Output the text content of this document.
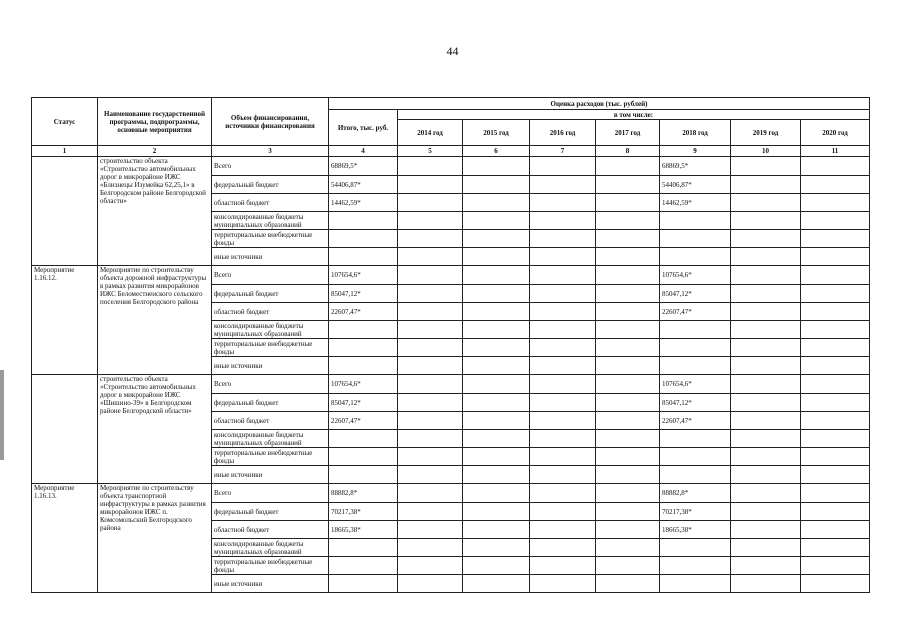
44
Статус	Наименование государственной программы, подпрограммы, основные мероприятия	Объем финансирования, источники финансирования	Оценка расходов (тыс. рублей)							
			Итого, тыс. руб.	в том числе:						
				2014 год	2015 год	2016 год	2017 год	2018 год	2019 год	2020 год
1	2	3	4	5	6	7	8	9	10	11
	строительство объекта «Строительство автомобильных дорог в микрорайоне ИЖС «Близнецы Изумейка 62,25,1» в Белгородском районе Белгородской области»	Всего	68869,5*					68869,5*		
		федеральный бюджет	54406,87*					54406,87*		
		областной бюджет	14462,59*					14462,59*		
		консолидированные бюджеты муниципальных образований								
		территориальные внебюджетные фонды								
		иные источники								
Мероприятие 1.16.12.	Мероприятие по строительству объекта дорожной инфраструктуры в рамках развития микрорайонов ИЖС Беломестненского сельского поселения Белгородского района	Всего	107654,6*					107654,6*		
		федеральный бюджет	85047,12*					85047,12*		
		областной бюджет	22607,47*					22607,47*		
		консолидированные бюджеты муниципальных образований								
		территориальные внебюджетные фонды								
		иные источники								
	строительство объекта «Строительство автомобильных дорог в микрорайоне ИЖС «Шишино-39» в Белгородском районе Белгородской области»	Всего	107654,6*					107654,6*		
		федеральный бюджет	85047,12*					85047,12*		
		областной бюджет	22607,47*					22607,47*		
		консолидированные бюджеты муниципальных образований								
		территориальные внебюджетные фонды								
		иные источники								
Мероприятие 1.16.13.	Мероприятие по строительству объекта транспортной инфраструктуры в рамках развития микрорайонов ИЖС п. Комсомольский Белгородского района	Всего	88882,8*					88882,8*		
		федеральный бюджет	70217,38*					70217,38*		
		областной бюджет	18665,38*					18665,38*		
		консолидированные бюджеты муниципальных образований								
		территориальные внебюджетные фонды								
		иные источники								
